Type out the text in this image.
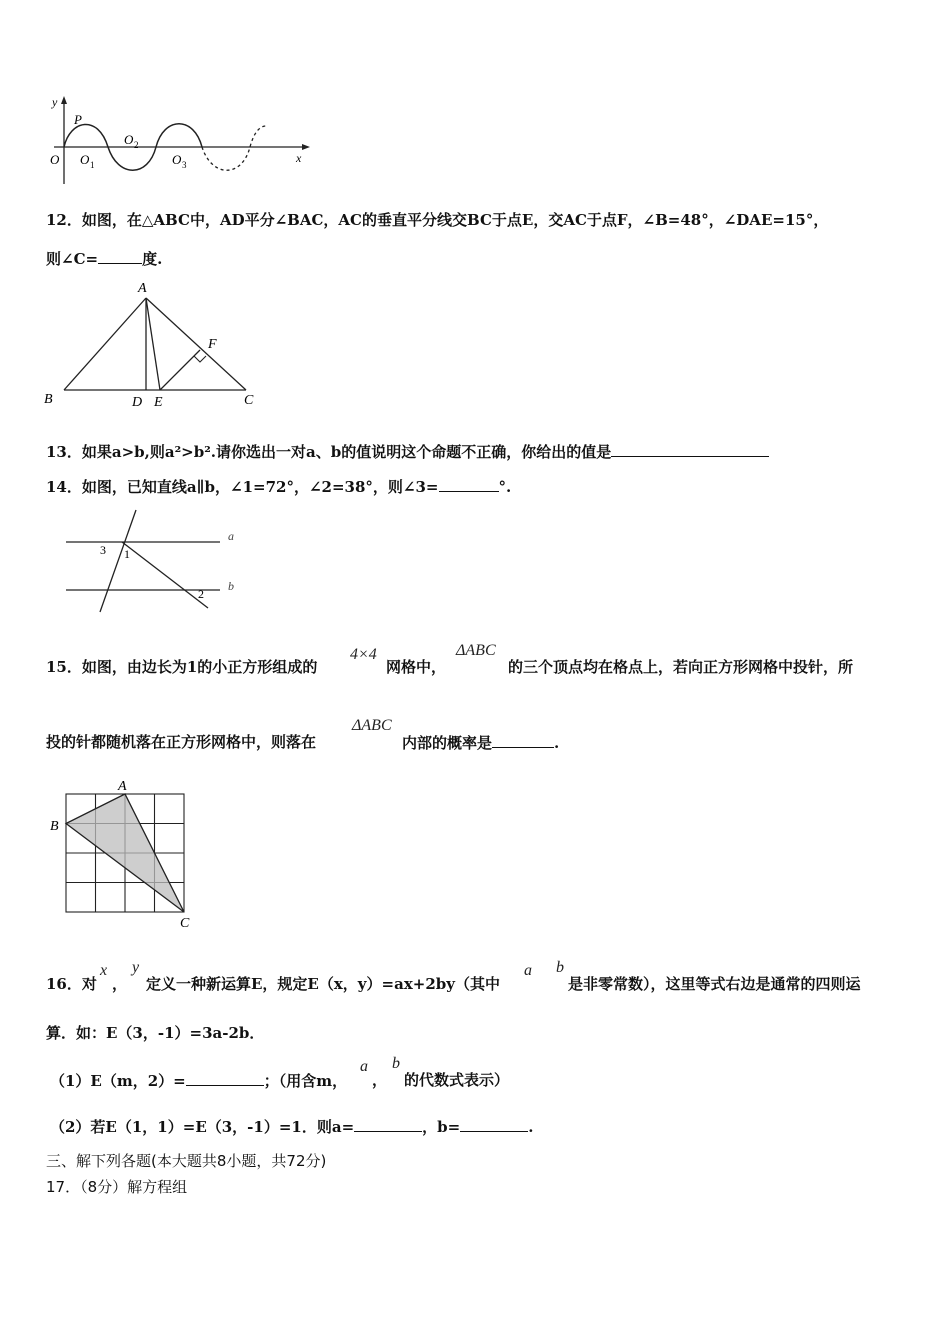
y
x
O
P
O 1
O 2
O 3
12．如图，在△ABC中，AD平分∠BAC，AC的垂直平分线交BC于点E，交AC于点F，∠B=48°，∠DAE=15°，
则∠C=	度.
A
B	C
D E
F
13．如果a>b,则a²>b².请你选出一对a、b的值说明这个命题不正确，你给出的值是
14．如图，已知直线a∥b，∠1=72°，∠2=38°，则∠3=	°.
a
b
3 1
2
15．如图，由边长为1的小正方形组成的
4×4
网格中，
ΔABC
的三个顶点均在格点上，若向正方形网格中投针，所
投的针都随机落在正方形网格中，则落在
ΔABC
内部的概率是	.
A
B
C
16．对
x
，
y
定义一种新运算E，规定E（x，y）=ax+2by（其中
a b
是非零常数），这里等式右边是通常的四则运
算．如：E（3，-1）=3a-2b．
（1）E（m，2）=	；（用含m，
a
，
b
的代数式表示）
（2）若E（1，1）=E（3，-1）=1．则a=	，b=	.
三、解下列各题(本大题共8小题，共72分)
17．（8分）解方程组
